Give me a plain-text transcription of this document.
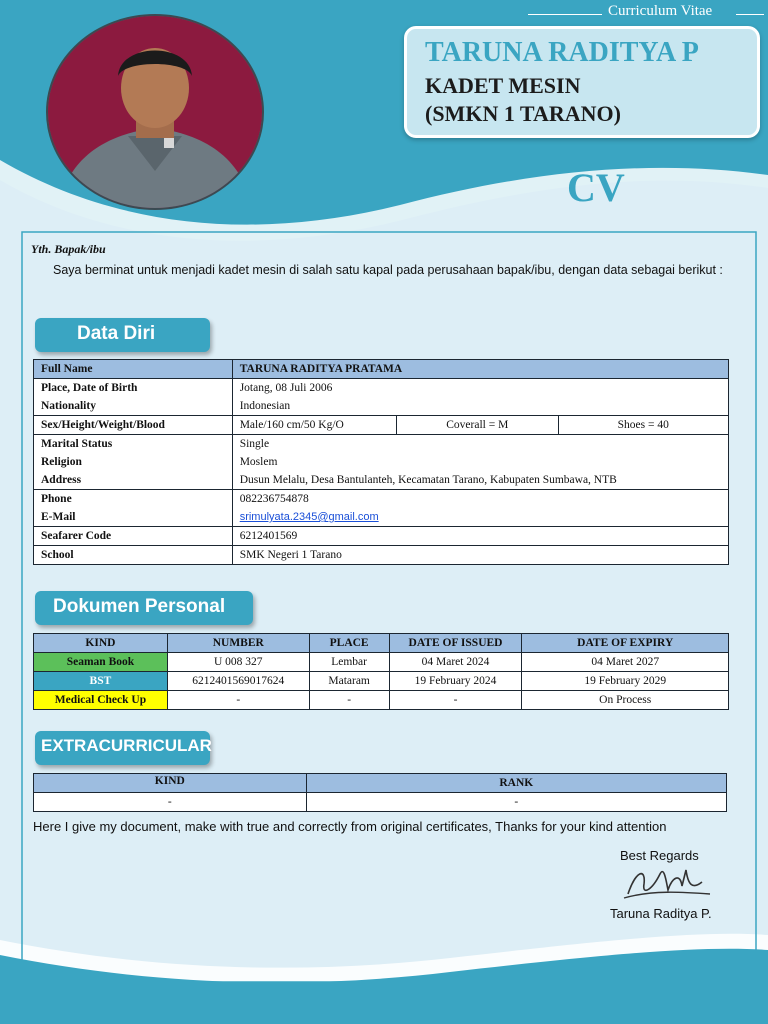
Curriculum Vitae
TARUNA RADITYA P
KADET MESIN
(SMKN 1 TARANO)
CV
Yth. Bapak/ibu
Saya berminat untuk menjadi kadet mesin di salah satu kapal pada perusahaan bapak/ibu, dengan data sebagai berikut :
Data Diri
Full Name	TARUNA RADITYA PRATAMA		
Place, Date of Birth	Jotang, 08 Juli 2006		
Nationality	Indonesian		
Sex/Height/Weight/Blood	Male/160 cm/50 Kg/O	Coverall = M	Shoes = 40
Marital Status	Single		
Religion	Moslem		
Address	Dusun Melalu, Desa Bantulanteh, Kecamatan Tarano, Kabupaten Sumbawa, NTB		
Phone	082236754878		
E-Mail	srimulyata.2345@gmail.com		
Seafarer Code	6212401569		
School	SMK Negeri 1 Tarano		
Dokumen Personal
KIND	NUMBER	PLACE	DATE OF ISSUED	DATE OF EXPIRY
Seaman Book	U 008 327	Lembar	04 Maret 2024	04 Maret 2027
BST	6212401569017624	Mataram	19 February 2024	19 February 2029
Medical Check Up	-	-	-	On Process
EXTRACURRICULAR
KIND	RANK
-	-
Here I give my document, make with true and correctly from original certificates, Thanks for your kind attention
Best Regards
Taruna Raditya P.
